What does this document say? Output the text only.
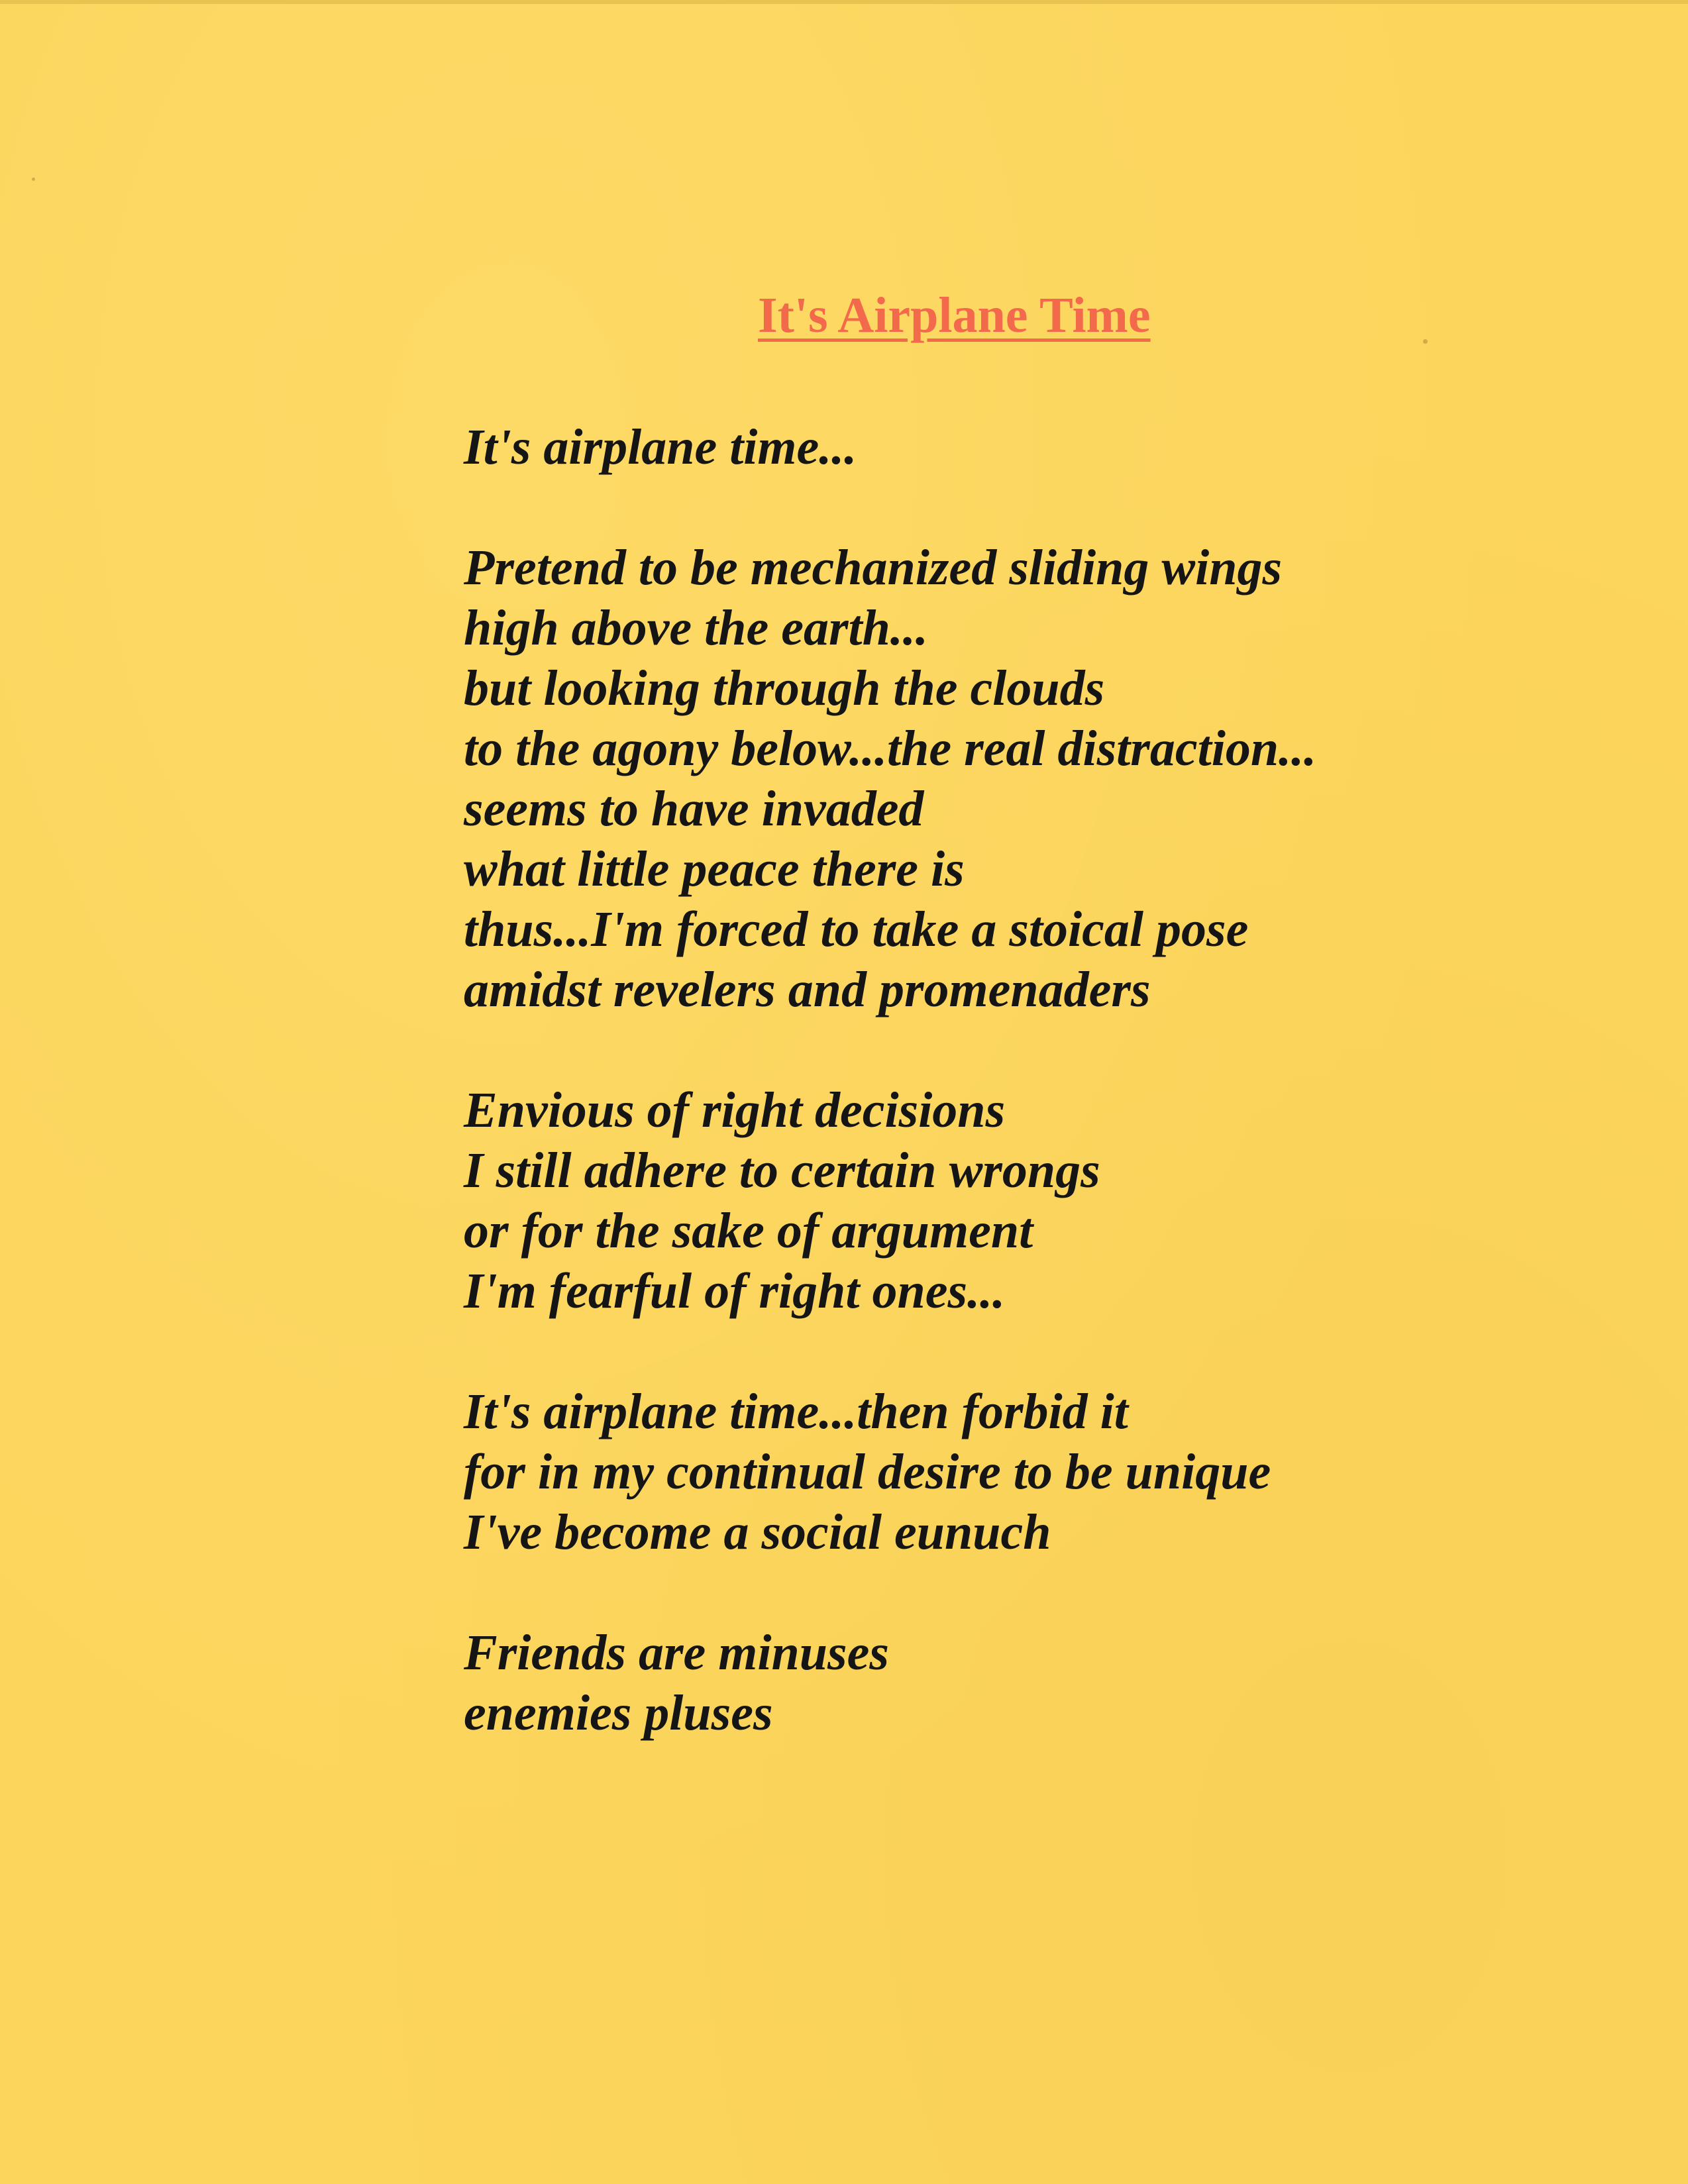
It's Airplane Time
It's airplane time...
Pretend to be mechanized sliding wings
high above the earth...
but looking through the clouds
to the agony below...the real distraction...
seems to have invaded
what little peace there is
thus...I'm forced to take a stoical pose
amidst revelers and promenaders
Envious of right decisions
I still adhere to certain wrongs
or for the sake of argument
I'm fearful of right ones...
It's airplane time...then forbid it
for in my continual desire to be unique
I've become a social eunuch
Friends are minuses
enemies pluses
